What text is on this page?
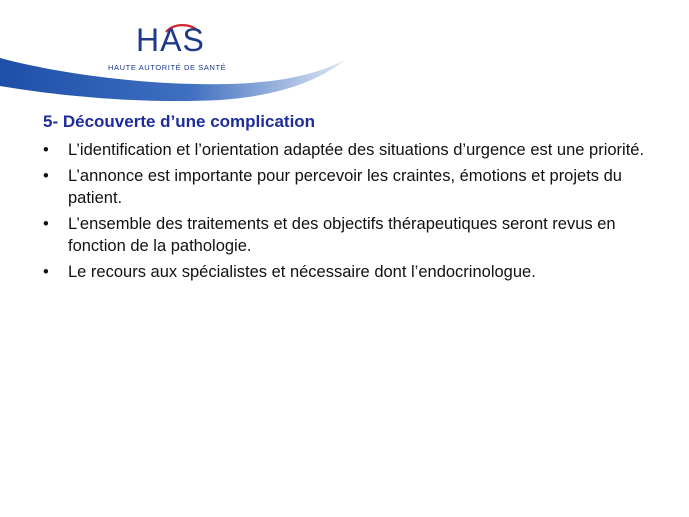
HAS
HAUTE AUTORITÉ DE SANTÉ
5- Découverte d’une complication
•	L’identification et l’orientation adaptée des situations d’urgence est une priorité.
•	L’annonce est importante pour percevoir les craintes, émotions et projets du patient.
•	L’ensemble des traitements et des objectifs thérapeutiques seront revus en fonction de la pathologie.
•	Le recours aux spécialistes et nécessaire dont l’endocrinologue.
